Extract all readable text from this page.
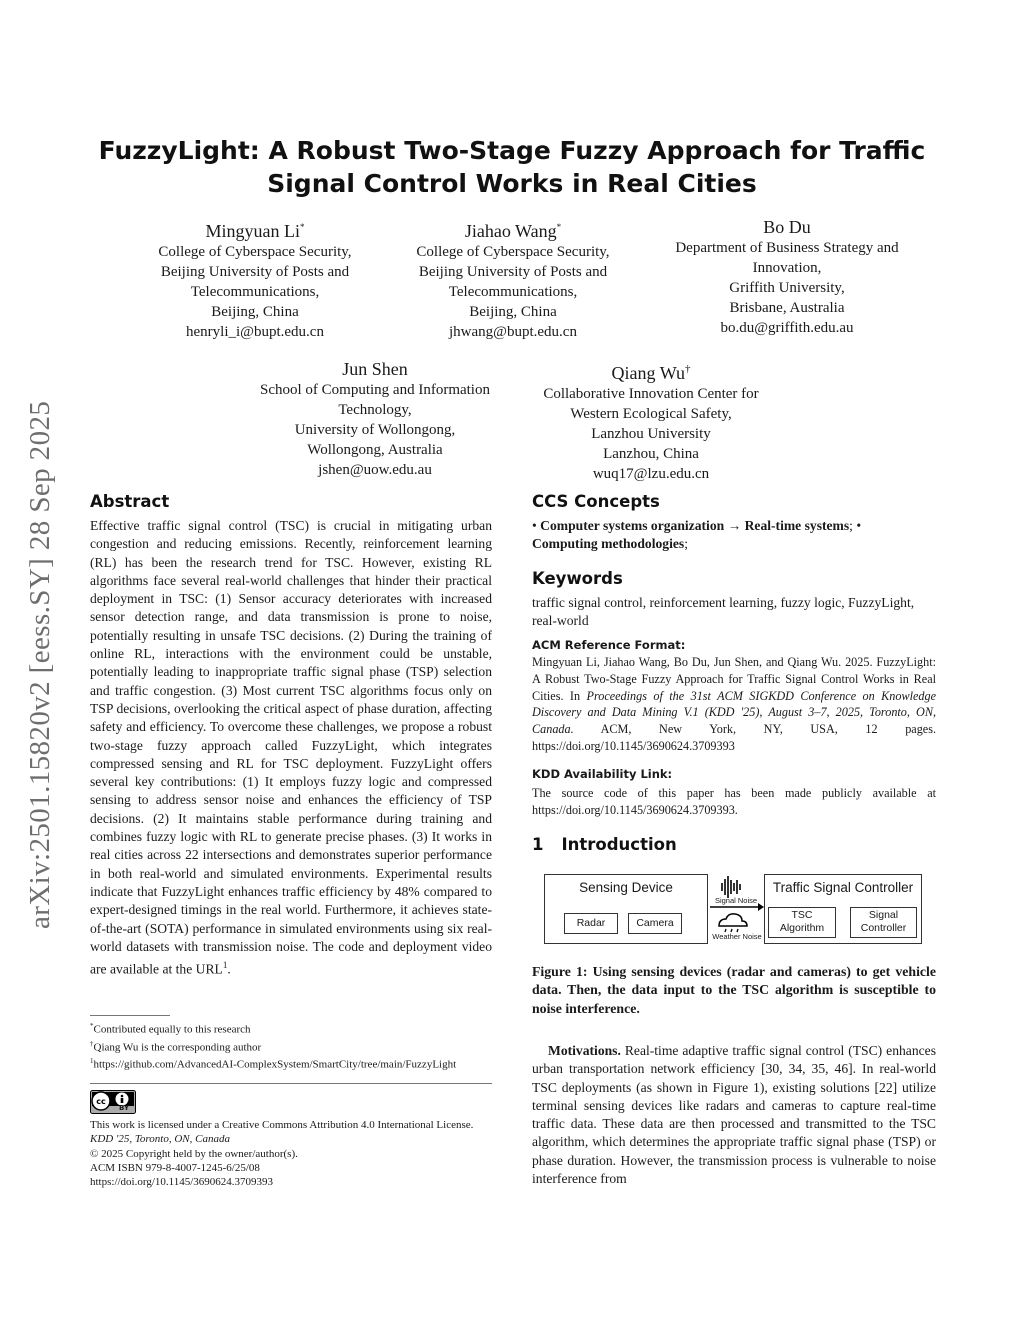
arXiv:2501.15820v2 [eess.SY] 28 Sep 2025
FuzzyLight: A Robust Two-Stage Fuzzy Approach for Traffic
Signal Control Works in Real Cities
Mingyuan Li*
College of Cyberspace Security,
Beijing University of Posts and
Telecommunications,
Beijing, China
henryli_i@bupt.edu.cn
Jiahao Wang*
College of Cyberspace Security,
Beijing University of Posts and
Telecommunications,
Beijing, China
jhwang@bupt.edu.cn
Bo Du
Department of Business Strategy and
Innovation,
Griffith University,
Brisbane, Australia
bo.du@griffith.edu.au
Jun Shen
School of Computing and Information
Technology,
University of Wollongong,
Wollongong, Australia
jshen@uow.edu.au
Qiang Wu†
Collaborative Innovation Center for
Western Ecological Safety,
Lanzhou University
Lanzhou, China
wuq17@lzu.edu.cn
Abstract
Effective traffic signal control (TSC) is crucial in mitigating urban congestion and reducing emissions. Recently, reinforcement learning (RL) has been the research trend for TSC. However, existing RL algorithms face several real-world challenges that hinder their practical deployment in TSC: (1) Sensor accuracy deteriorates with increased sensor detection range, and data transmission is prone to noise, potentially resulting in unsafe TSC decisions. (2) During the training of online RL, interactions with the environment could be unstable, potentially leading to inappropriate traffic signal phase (TSP) selection and traffic congestion. (3) Most current TSC algorithms focus only on TSP decisions, overlooking the critical aspect of phase duration, affecting safety and efficiency. To overcome these challenges, we propose a robust two-stage fuzzy approach called FuzzyLight, which integrates compressed sensing and RL for TSC deployment. FuzzyLight offers several key contributions: (1) It employs fuzzy logic and compressed sensing to address sensor noise and enhances the efficiency of TSP decisions. (2) It maintains stable performance during training and combines fuzzy logic with RL to generate precise phases. (3) It works in real cities across 22 intersections and demonstrates superior performance in both real-world and simulated environments. Experimental results indicate that FuzzyLight enhances traffic efficiency by 48% compared to expert-designed timings in the real world. Furthermore, it achieves state-of-the-art (SOTA) performance in simulated environments using six real-world datasets with transmission noise. The code and deployment video are available at the URL$^1$.
*Contributed equally to this research
†Qiang Wu is the corresponding author
$^1$https://github.com/AdvancedAI-ComplexSystem/SmartCity/tree/main/FuzzyLight
cc
BY
This work is licensed under a Creative Commons Attribution 4.0 International License.
KDD '25, Toronto, ON, Canada
© 2025 Copyright held by the owner/author(s).
ACM ISBN 979-8-4007-1245-6/25/08
https://doi.org/10.1145/3690624.3709393
CCS Concepts
• Computer systems organization → Real-time systems; •
Computing methodologies;
Keywords
traffic signal control, reinforcement learning, fuzzy logic, FuzzyLight, real-world
ACM Reference Format:
Mingyuan Li, Jiahao Wang, Bo Du, Jun Shen, and Qiang Wu. 2025. FuzzyLight: A Robust Two-Stage Fuzzy Approach for Traffic Signal Control Works in Real Cities. In Proceedings of the 31st ACM SIGKDD Conference on Knowledge Discovery and Data Mining V.1 (KDD '25), August 3–7, 2025, Toronto, ON, Canada. ACM, New York, NY, USA, 12 pages. https://doi.org/10.1145/3690624.3709393
KDD Availability Link:
The source code of this paper has been made publicly available at https://doi.org/10.1145/3690624.3709393.
1 Introduction
Sensing Device
Radar	Camera
Signal Noise
Weather Noise
Traffic Signal Controller
TSC
Algorithm
Signal
Controller
Figure 1: Using sensing devices (radar and cameras) to get vehicle data. Then, the data input to the TSC algorithm is susceptible to noise interference.
Motivations. Real-time adaptive traffic signal control (TSC) enhances urban transportation network efficiency [30, 34, 35, 46]. In real-world TSC deployments (as shown in Figure 1), existing solutions [22] utilize terminal sensing devices like radars and cameras to capture real-time traffic data. These data are then processed and transmitted to the TSC algorithm, which determines the appropriate traffic signal phase (TSP) or phase duration. However, the transmission process is vulnerable to noise interference from
